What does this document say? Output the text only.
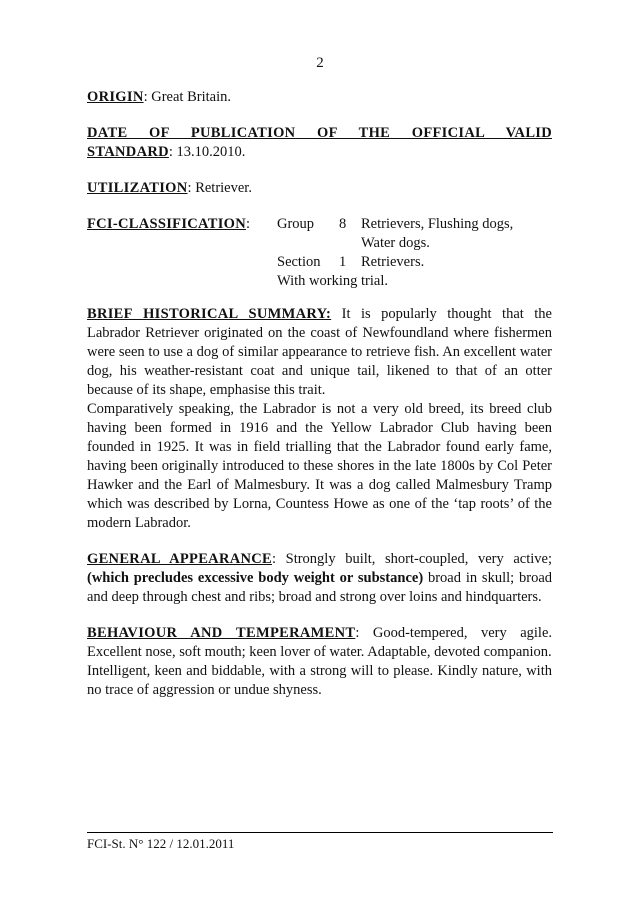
2
ORIGIN: Great Britain.
DATE OF PUBLICATION OF THE OFFICIAL VALID
STANDARD: 13.10.2010.
UTILIZATION: Retriever.
FCI-CLASSIFICATION:	Group	8	Retrievers, Flushing dogs,
Water dogs.
Section	1	Retrievers.
With working trial.

BRIEF HISTORICAL SUMMARY: It is popularly thought that the Labrador Retriever originated on the coast of Newfoundland where fishermen were seen to use a dog of similar appearance to retrieve fish. An excellent water dog, his weather-resistant coat and unique tail, likened to that of an otter because of its shape, emphasise this trait.

Comparatively speaking, the Labrador is not a very old breed, its breed club having been formed in 1916 and the Yellow Labrador Club having been founded in 1925. It was in field trialling that the Labrador found early fame, having been originally introduced to these shores in the late 1800s by Col Peter Hawker and the Earl of Malmesbury. It was a dog called Malmesbury Tramp which was described by Lorna, Countess Howe as one of the ‘tap roots’ of the modern Labrador.

GENERAL APPEARANCE: Strongly built, short-coupled, very active; (which precludes excessive body weight or substance) broad in skull; broad and deep through chest and ribs; broad and strong over loins and hindquarters.

BEHAVIOUR AND TEMPERAMENT: Good-tempered, very agile. Excellent nose, soft mouth; keen lover of water. Adaptable, devoted companion.

Intelligent, keen and biddable, with a strong will to please. Kindly nature, with no trace of aggression or undue shyness.

FCI-St. N° 122 / 12.01.2011
